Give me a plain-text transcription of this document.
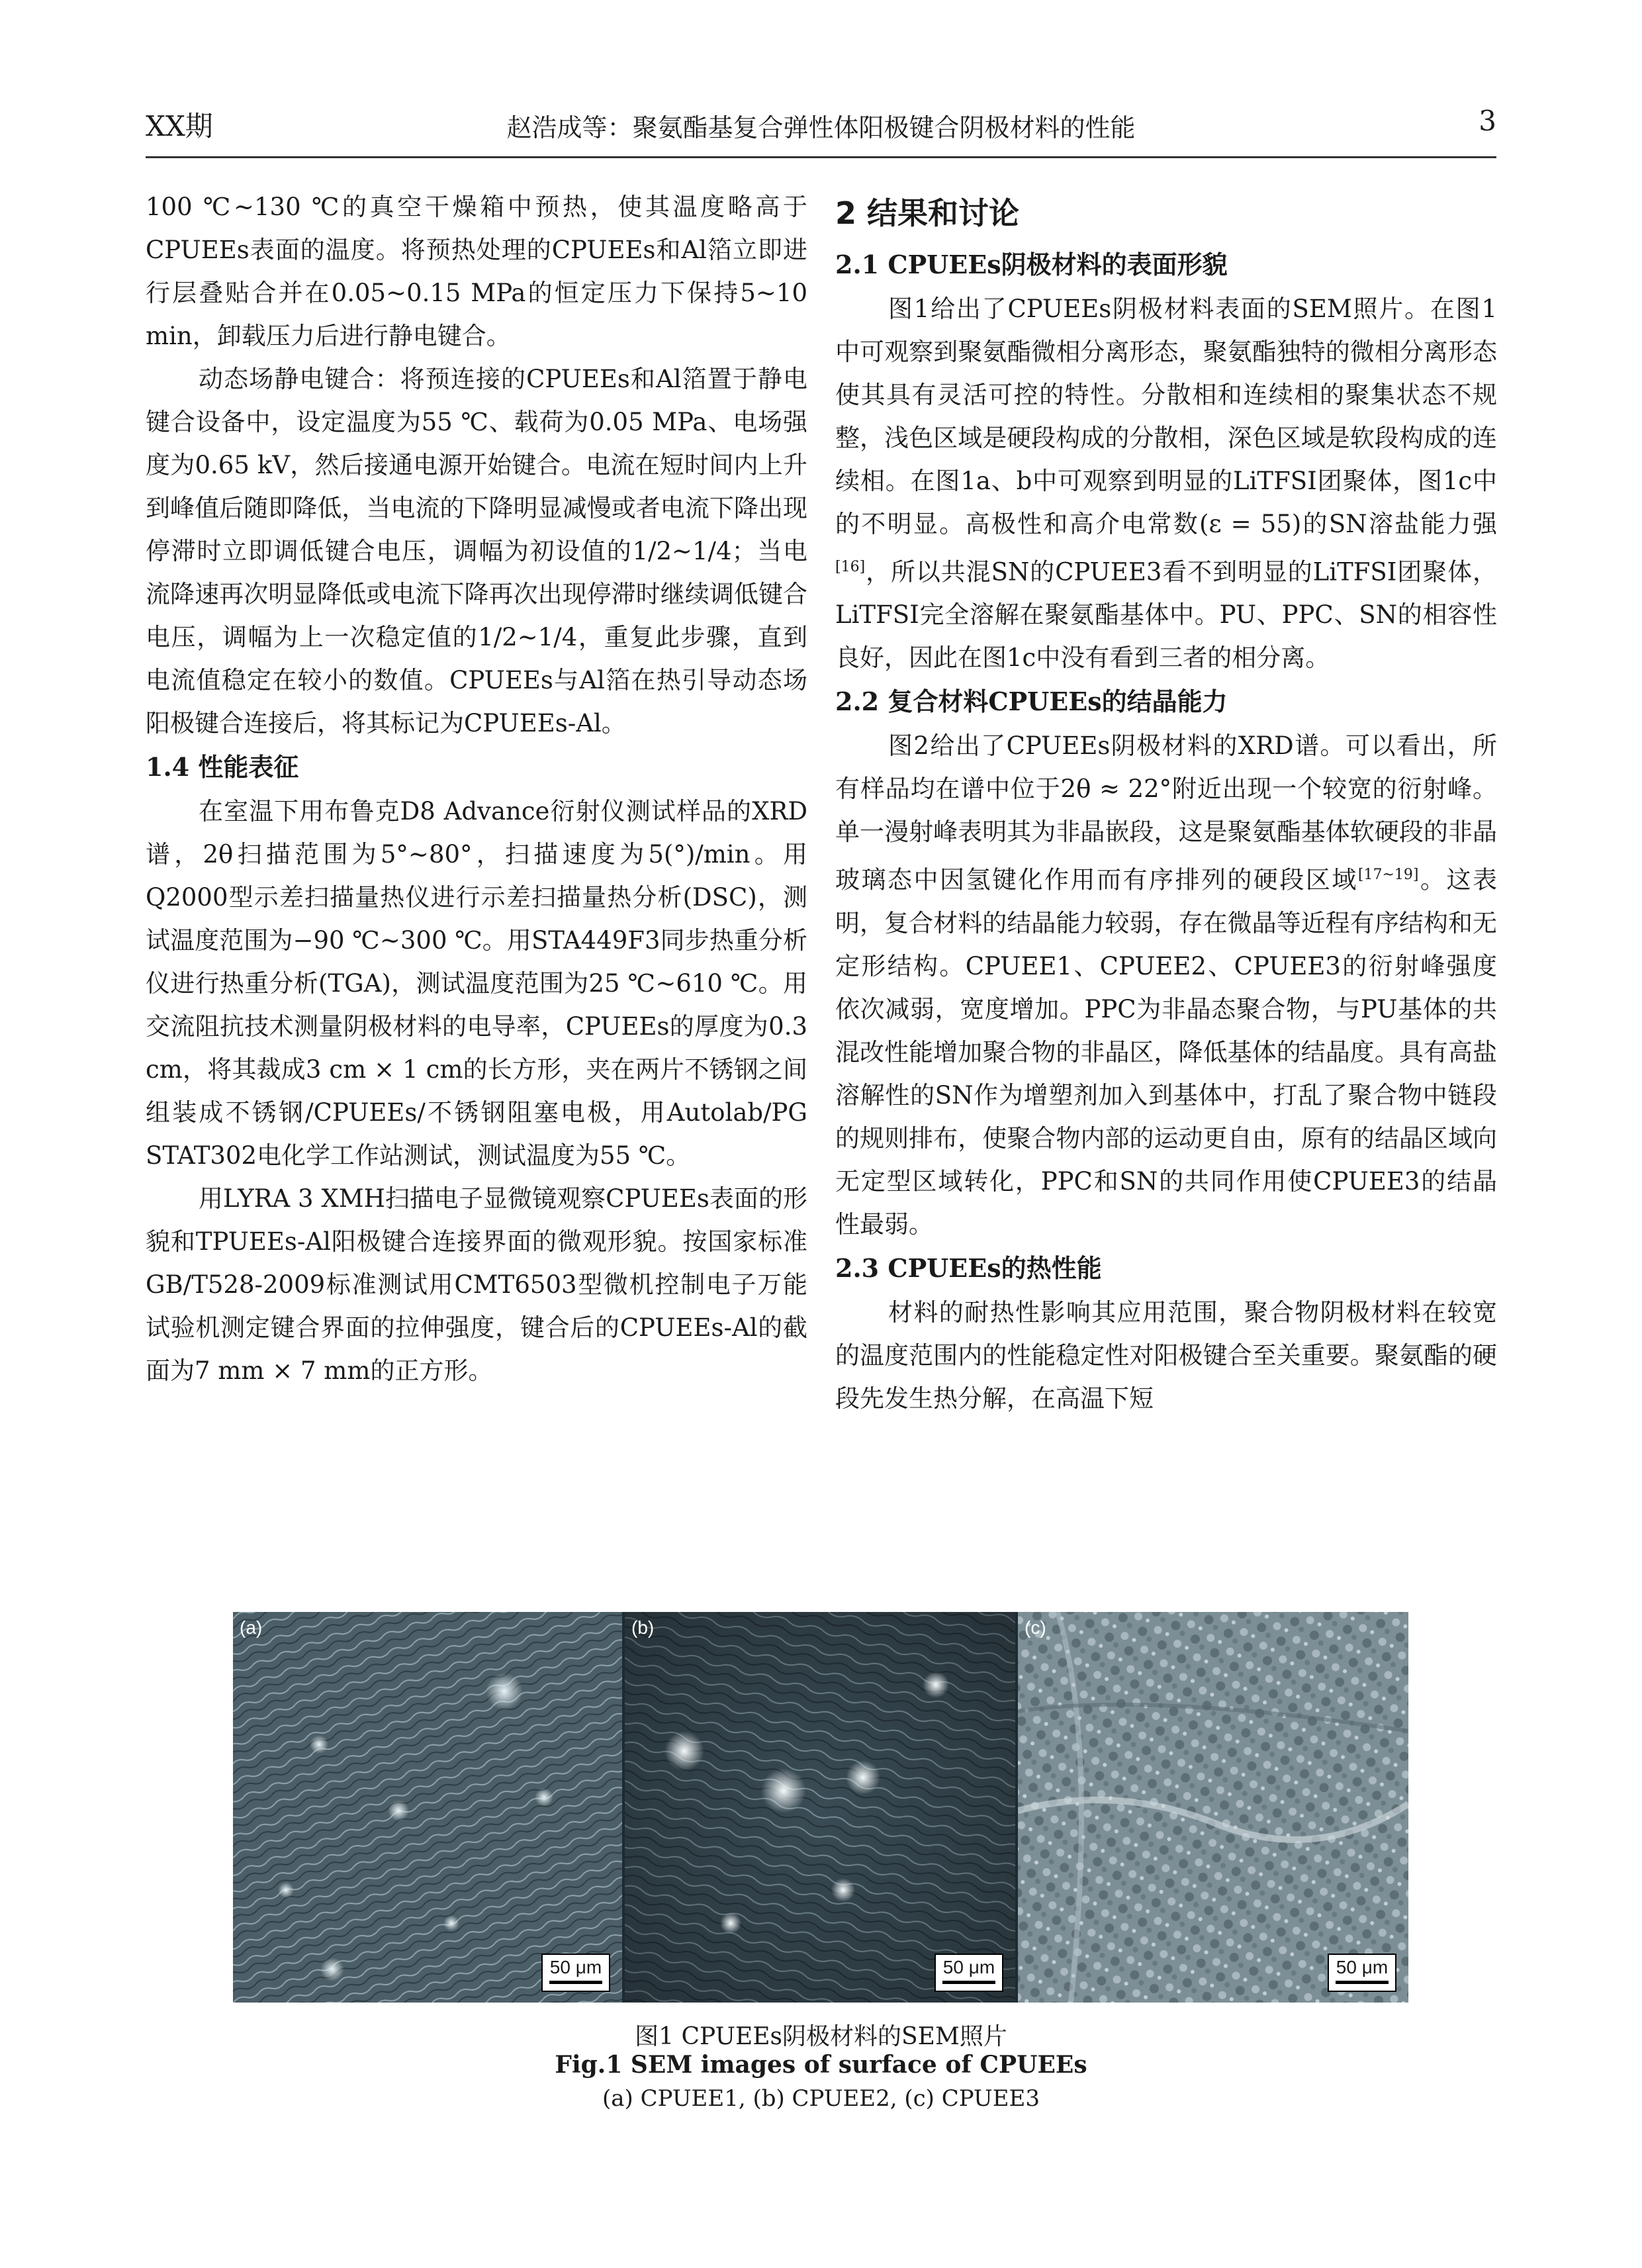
XX期	赵浩成等：聚氨酯基复合弹性体阳极键合阴极材料的性能	3

100 ℃~130 ℃的真空干燥箱中预热，使其温度略高于CPUEEs表面的温度。将预热处理的CPUEEs和Al箔立即进行层叠贴合并在0.05~0.15 MPa的恒定压力下保持5~10 min，卸载压力后进行静电键合。

动态场静电键合：将预连接的CPUEEs和Al箔置于静电键合设备中，设定温度为55 ℃、载荷为0.05 MPa、电场强度为0.65 kV，然后接通电源开始键合。电流在短时间内上升到峰值后随即降低，当电流的下降明显减慢或者电流下降出现停滞时立即调低键合电压，调幅为初设值的1/2~1/4；当电流降速再次明显降低或电流下降再次出现停滞时继续调低键合电压，调幅为上一次稳定值的1/2~1/4，重复此步骤，直到电流值稳定在较小的数值。CPUEEs与Al箔在热引导动态场阳极键合连接后，将其标记为CPUEEs-Al。

1.4 性能表征

在室温下用布鲁克D8 Advance衍射仪测试样品的XRD谱，2θ扫描范围为5°~80°，扫描速度为5(°)/min。用Q2000型示差扫描量热仪进行示差扫描量热分析(DSC)，测试温度范围为−90 ℃~300 ℃。用STA449F3同步热重分析仪进行热重分析(TGA)，测试温度范围为25 ℃~610 ℃。用交流阻抗技术测量阴极材料的电导率，CPUEEs的厚度为0.3 cm，将其裁成3 cm × 1 cm的长方形，夹在两片不锈钢之间组装成不锈钢/CPUEEs/不锈钢阻塞电极，用Autolab/PG STAT302电化学工作站测试，测试温度为55 ℃。

用LYRA 3 XMH扫描电子显微镜观察CPUEEs表面的形貌和TPUEEs-Al阳极键合连接界面的微观形貌。按国家标准GB/T528-2009标准测试用CMT6503型微机控制电子万能试验机测定键合界面的拉伸强度，键合后的CPUEEs-Al的截面为7 mm × 7 mm的正方形。

2 结果和讨论
2.1 CPUEEs阴极材料的表面形貌

图1给出了CPUEEs阴极材料表面的SEM照片。在图1中可观察到聚氨酯微相分离形态，聚氨酯独特的微相分离形态使其具有灵活可控的特性。分散相和连续相的聚集状态不规整，浅色区域是硬段构成的分散相，深色区域是软段构成的连续相。在图1a、b中可观察到明显的LiTFSI团聚体，图1c中的不明显。高极性和高介电常数(ε = 55)的SN溶盐能力强[16]，所以共混SN的CPUEE3看不到明显的LiTFSI团聚体，LiTFSI完全溶解在聚氨酯基体中。PU、PPC、SN的相容性良好，因此在图1c中没有看到三者的相分离。

2.2 复合材料CPUEEs的结晶能力

图2给出了CPUEEs阴极材料的XRD谱。可以看出，所有样品均在谱中位于2θ ≈ 22°附近出现一个较宽的衍射峰。单一漫射峰表明其为非晶嵌段，这是聚氨酯基体软硬段的非晶玻璃态中因氢键化作用而有序排列的硬段区域[17~19]。这表明，复合材料的结晶能力较弱，存在微晶等近程有序结构和无定形结构。CPUEE1、CPUEE2、CPUEE3的衍射峰强度依次减弱，宽度增加。PPC为非晶态聚合物，与PU基体的共混改性能增加聚合物的非晶区，降低基体的结晶度。具有高盐溶解性的SN作为增塑剂加入到基体中，打乱了聚合物中链段的规则排布，使聚合物内部的运动更自由，原有的结晶区域向无定型区域转化，PPC和SN的共同作用使CPUEE3的结晶性最弱。

2.3 CPUEEs的热性能

材料的耐热性影响其应用范围，聚合物阴极材料在较宽的温度范围内的性能稳定性对阳极键合至关重要。聚氨酯的硬段先发生热分解，在高温下短

(a)
50 μm
(b)
50 μm
(c)
50 μm
图1 CPUEEs阴极材料的SEM照片
Fig.1 SEM images of surface of CPUEEs
(a) CPUEE1, (b) CPUEE2, (c) CPUEE3
